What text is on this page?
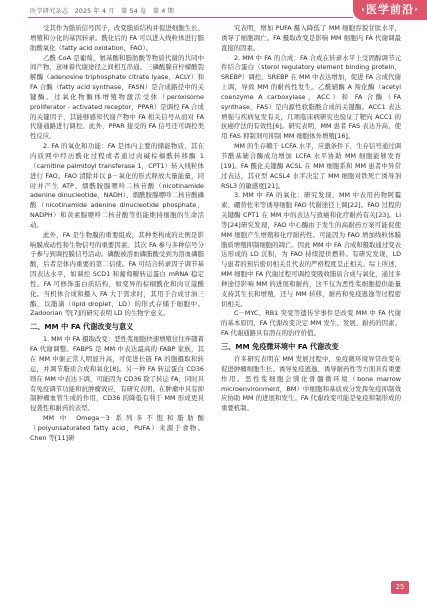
医学研究杂志　2025 年 4 月　第 54 卷　第 4 期	·医学前沿·

受其作为脂质信号因子，改变脂质结构并促进细胞生长、增殖和分化的基因转录。酰化后的 FA 可以进入线粒体进行脂肪酸氧化（fatty acid oxidation，FAO）。

乙酰 CoA 是葡萄、氨基酸和脂肪酸等物质代谢的共同中间产物，意味着代谢途径之间相互串通。三磷酸腺苷柠檬酸裂解酶（adenosine triphosphate citrate lyase，ACLY）和 FA 合酶（fatty acid synthase，FASN）是合成路径中的关键酶。过氧化物酶体增殖物激活受体（peroxisome proliferator - activated receptor，PPAR）是调控 FA 合成的关键因子，其能够感知代谢产物中 FA 相关信号从而对 FA 代谢通路进行调控。此外，PPAR 接受的 FA 信号还可调控类性反应。

2. FA 的氧化和功能：FA 是体内主要的储能物质，其在内质网中经历酰化过程或者通过肉碱棕榈酰转移酶 1（carnitine palmitoyl transferase 1，CPT1）转入线粒体进行 FAO。FAO 清除并以 β－氧化的形式释放大量能量，同时并产生 ATP、烟酰胺腺嘌呤二核苷酸（nicotinamide adenine dinucleotide，NADH）、烟酰胺腺嘌呤二核苷酸磷酸（nicotinamide adenine dinucleotide phosphate，NADPH）和黄素腺嘌呤二核苷酸等供能维持细胞的生命活动。

此外，FA 是生物膜的重要组成，其种类构成的比例是影响膜成动性和生物信号的重要因素。其次 FA 参与多种信号分子参与到调控膜信号活动。磷酸被溶血磷脂酸受到为溶血磷脂酸，后者是体内重要的第二信使。FA 可结合转录因子调节基因表达水平，如调控 SCD1 和葡萄糖转运蛋白 mRNA 稳定性。FA 可修饰蛋白质结构，如变异的棕榈酰化和肉豆蔻酰化。当机体合成和摄入 FA 大于需求时，其用于合成甘油三酯，以脂滴（lipid droplet，LD）的形式存储于细胞中。Zadoorian 等[7]的研究表明 LD 的生物学意义。

二、MM 中 FA 代谢改变与意义

1. MM 中 FA 摄取改变：恶性浆细胞快速增殖往往伴随着 FA 代谢调整。FABP5 是 MM 中表达最高的 FABP 家族，其在 MM 中躯正常人明显升高，可促进长链 FA 的胞摄取和转运，并调节脂质合成和氧化[8]。另一种 FA 转运蛋白 CD36 则在 MM 中表达下调，可能因为 CD36 除了转运 FA，同时具有免疫调节功能和抗肿瘤效应，有研究表明，在肿瘤中具有抑制肿瘤血管生成的作用，CD36 的降低有利于 MM 形成更具侵袭性和耐药的表型。

MM 中 Omega－3 系列多不饱和脂肪酸（polyunsaturated fatty acid，PUFA）来源于食物。Chen 等[11]研

究表明，增加 PUFA 摄入降低了 MM 细胞容貌甘肽水平，诱导了细胞凋亡。FA 摄取改变是影响 MM 细胞内 FA 代谢调最直接的因素。

2. MM 中 FA 的合成：FA 合成在转录水平上受固醇调节元件结合蛋白（sterol regulatory element binding protein，SREBP）调控。SREBP 在 MM 中表达增加，促进 FA 合成代谢上调，导致 MM 的耐药性发生。乙酰辅酶 A 羧化酶（acetyl coenzyme A carboxylase，ACC）和 FA 合酶（FA synthase，FAS）是内源性软脂酸合成的关键酶。ACC1 表达增强与疾病复发有关，几项临床病研究也验证了靶向 ACC1 的抗癌疗法的有效性[6]。研究表明，MM 患者 FAS 表达升高，使用 FAS 抑制剂可抑制 MM 细胞体外增殖[16]。

MM 的生存赖于 LCFA 水平，应激条件下，生存信号通过调节酰基辅合酶成功增加 LCFA 水平协助 MM 细胞能够发育[19]。FA 酰化关键酶 ACSL 在 MM 细胞系和 MM 患者中异常过表达，其亚型 ACSL4 水平决定了 MM 细胞对铁死亡诱导剂 RSL3 的敏感度[21]。

3. MM 中 FA 的氧化：研究发现，MM 中表用药物阿霉素、硼替佐米等诱导细胞 FAO 代谢途径上调[22]。FAO 过程的关键酶 CPT1 在 MM 中的表达与致癌和化疗耐药有关[23]。Li 等[24]研究发现，FAO 中心酶由于发生的高耐药方案可能促使 MM 细胞产生增殖和化疗耐药性。可能因为 FAO 增加线粒体膜脂质增殖抑制细胞的凋亡。因此 MM 中 FA 合成和摄取通过变表达形成的 LD 沉积，为 FAO 持续提供燃料。有研究发现，LD 与患者的预后密切相关且代表的严格程度呈正相关。综上所述，MM 细胞中 FA 代谢过程可调控变吸收脂质合成与氧化，通过多种途径影响 MM 的进展和耐药，这不仅为恶性浆细胞提供能量支持其生长和增殖，还与 MM 转移、耐药和免疫逃逸等过程密切相关。

C－MYC、RB1 突变等遗传学事件是改变 MM 中 FA 代谢的基本原因，FA 代谢改变决定 MM 发生、发展、耐药的因素。FA 代谢通路具有潜在的治疗价值。

三、MM 免疫微环境中 FA 代谢改变

许多研究表明在 MM 发展过程中，免疫微环境异常改变在促进肿瘤细胞生长、诱导免疫逃逸、诱导耐药性等方面具有重要作用。恶性浆细胞会驯化骨髓微环境（bone marrow microenvironment，BM）中细胞和基质成分发挥免疫抑制效应协助 MM 的进展和发生。FA 代谢改变可能是免疫抑制形成的重要机制。

25
